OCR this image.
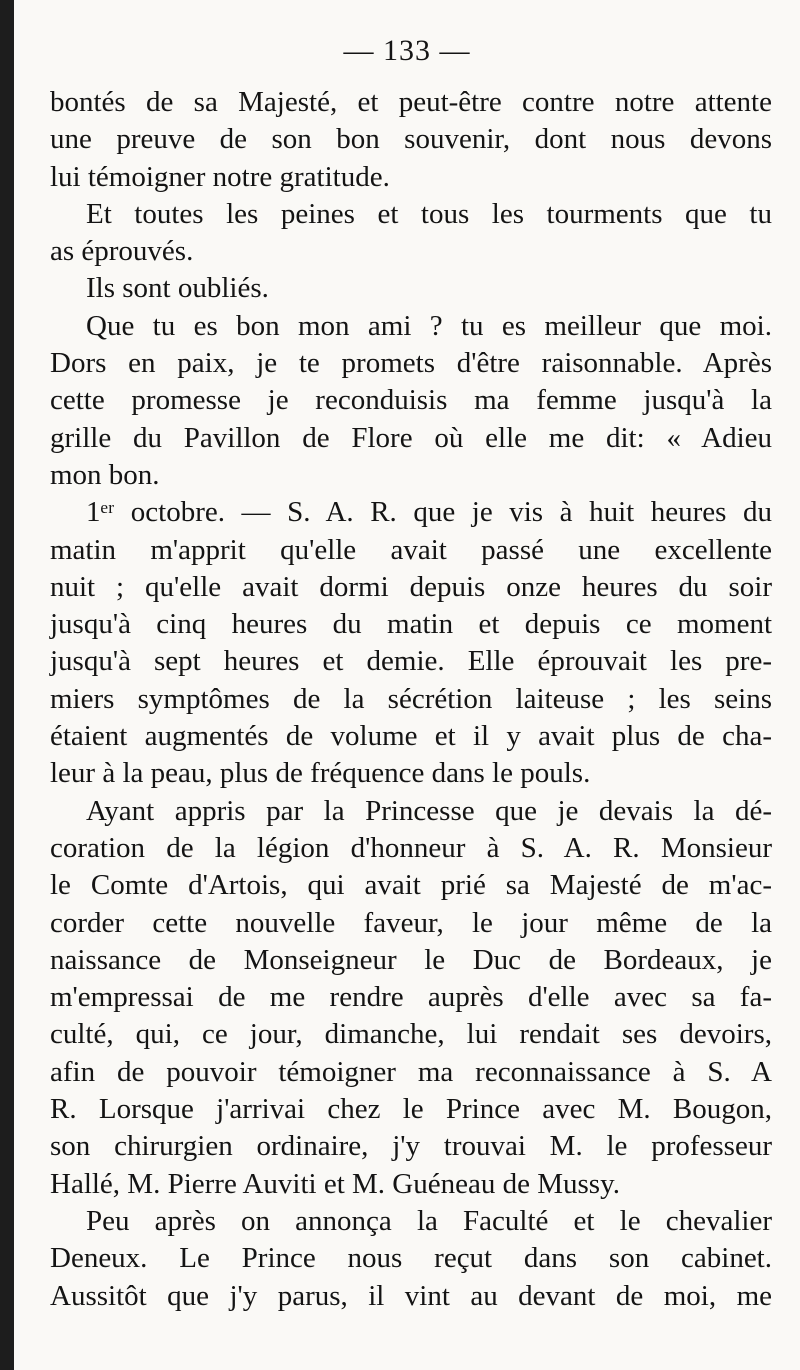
— 133 —
bontés de sa Majesté, et peut-être contre notre attente
une preuve de son bon souvenir, dont nous devons
lui témoigner notre gratitude.
Et toutes les peines et tous les tourments que tu
as éprouvés.
Ils sont oubliés.
Que tu es bon mon ami ? tu es meilleur que moi.
Dors en paix, je te promets d'être raisonnable. Après
cette promesse je reconduisis ma femme jusqu'à la
grille du Pavillon de Flore où elle me dit: « Adieu
mon bon.
1ᵉʳ octobre. — S. A. R. que je vis à huit heures du
matin m'apprit qu'elle avait passé une excellente
nuit ; qu'elle avait dormi depuis onze heures du soir
jusqu'à cinq heures du matin et depuis ce moment
jusqu'à sept heures et demie. Elle éprouvait les pre-
miers symptômes de la sécrétion laiteuse ; les seins
étaient augmentés de volume et il y avait plus de cha-
leur à la peau, plus de fréquence dans le pouls.
Ayant appris par la Princesse que je devais la dé-
coration de la légion d'honneur à S. A. R. Monsieur
le Comte d'Artois, qui avait prié sa Majesté de m'ac-
corder cette nouvelle faveur, le jour même de la
naissance de Monseigneur le Duc de Bordeaux, je
m'empressai de me rendre auprès d'elle avec sa fa-
culté, qui, ce jour, dimanche, lui rendait ses devoirs,
afin de pouvoir témoigner ma reconnaissance à S. A
R. Lorsque j'arrivai chez le Prince avec M. Bougon,
son chirurgien ordinaire, j'y trouvai M. le professeur
Hallé, M. Pierre Auviti et M. Guéneau de Mussy.
Peu après on annonça la Faculté et le chevalier
Deneux. Le Prince nous reçut dans son cabinet.
Aussitôt que j'y parus, il vint au devant de moi, me
